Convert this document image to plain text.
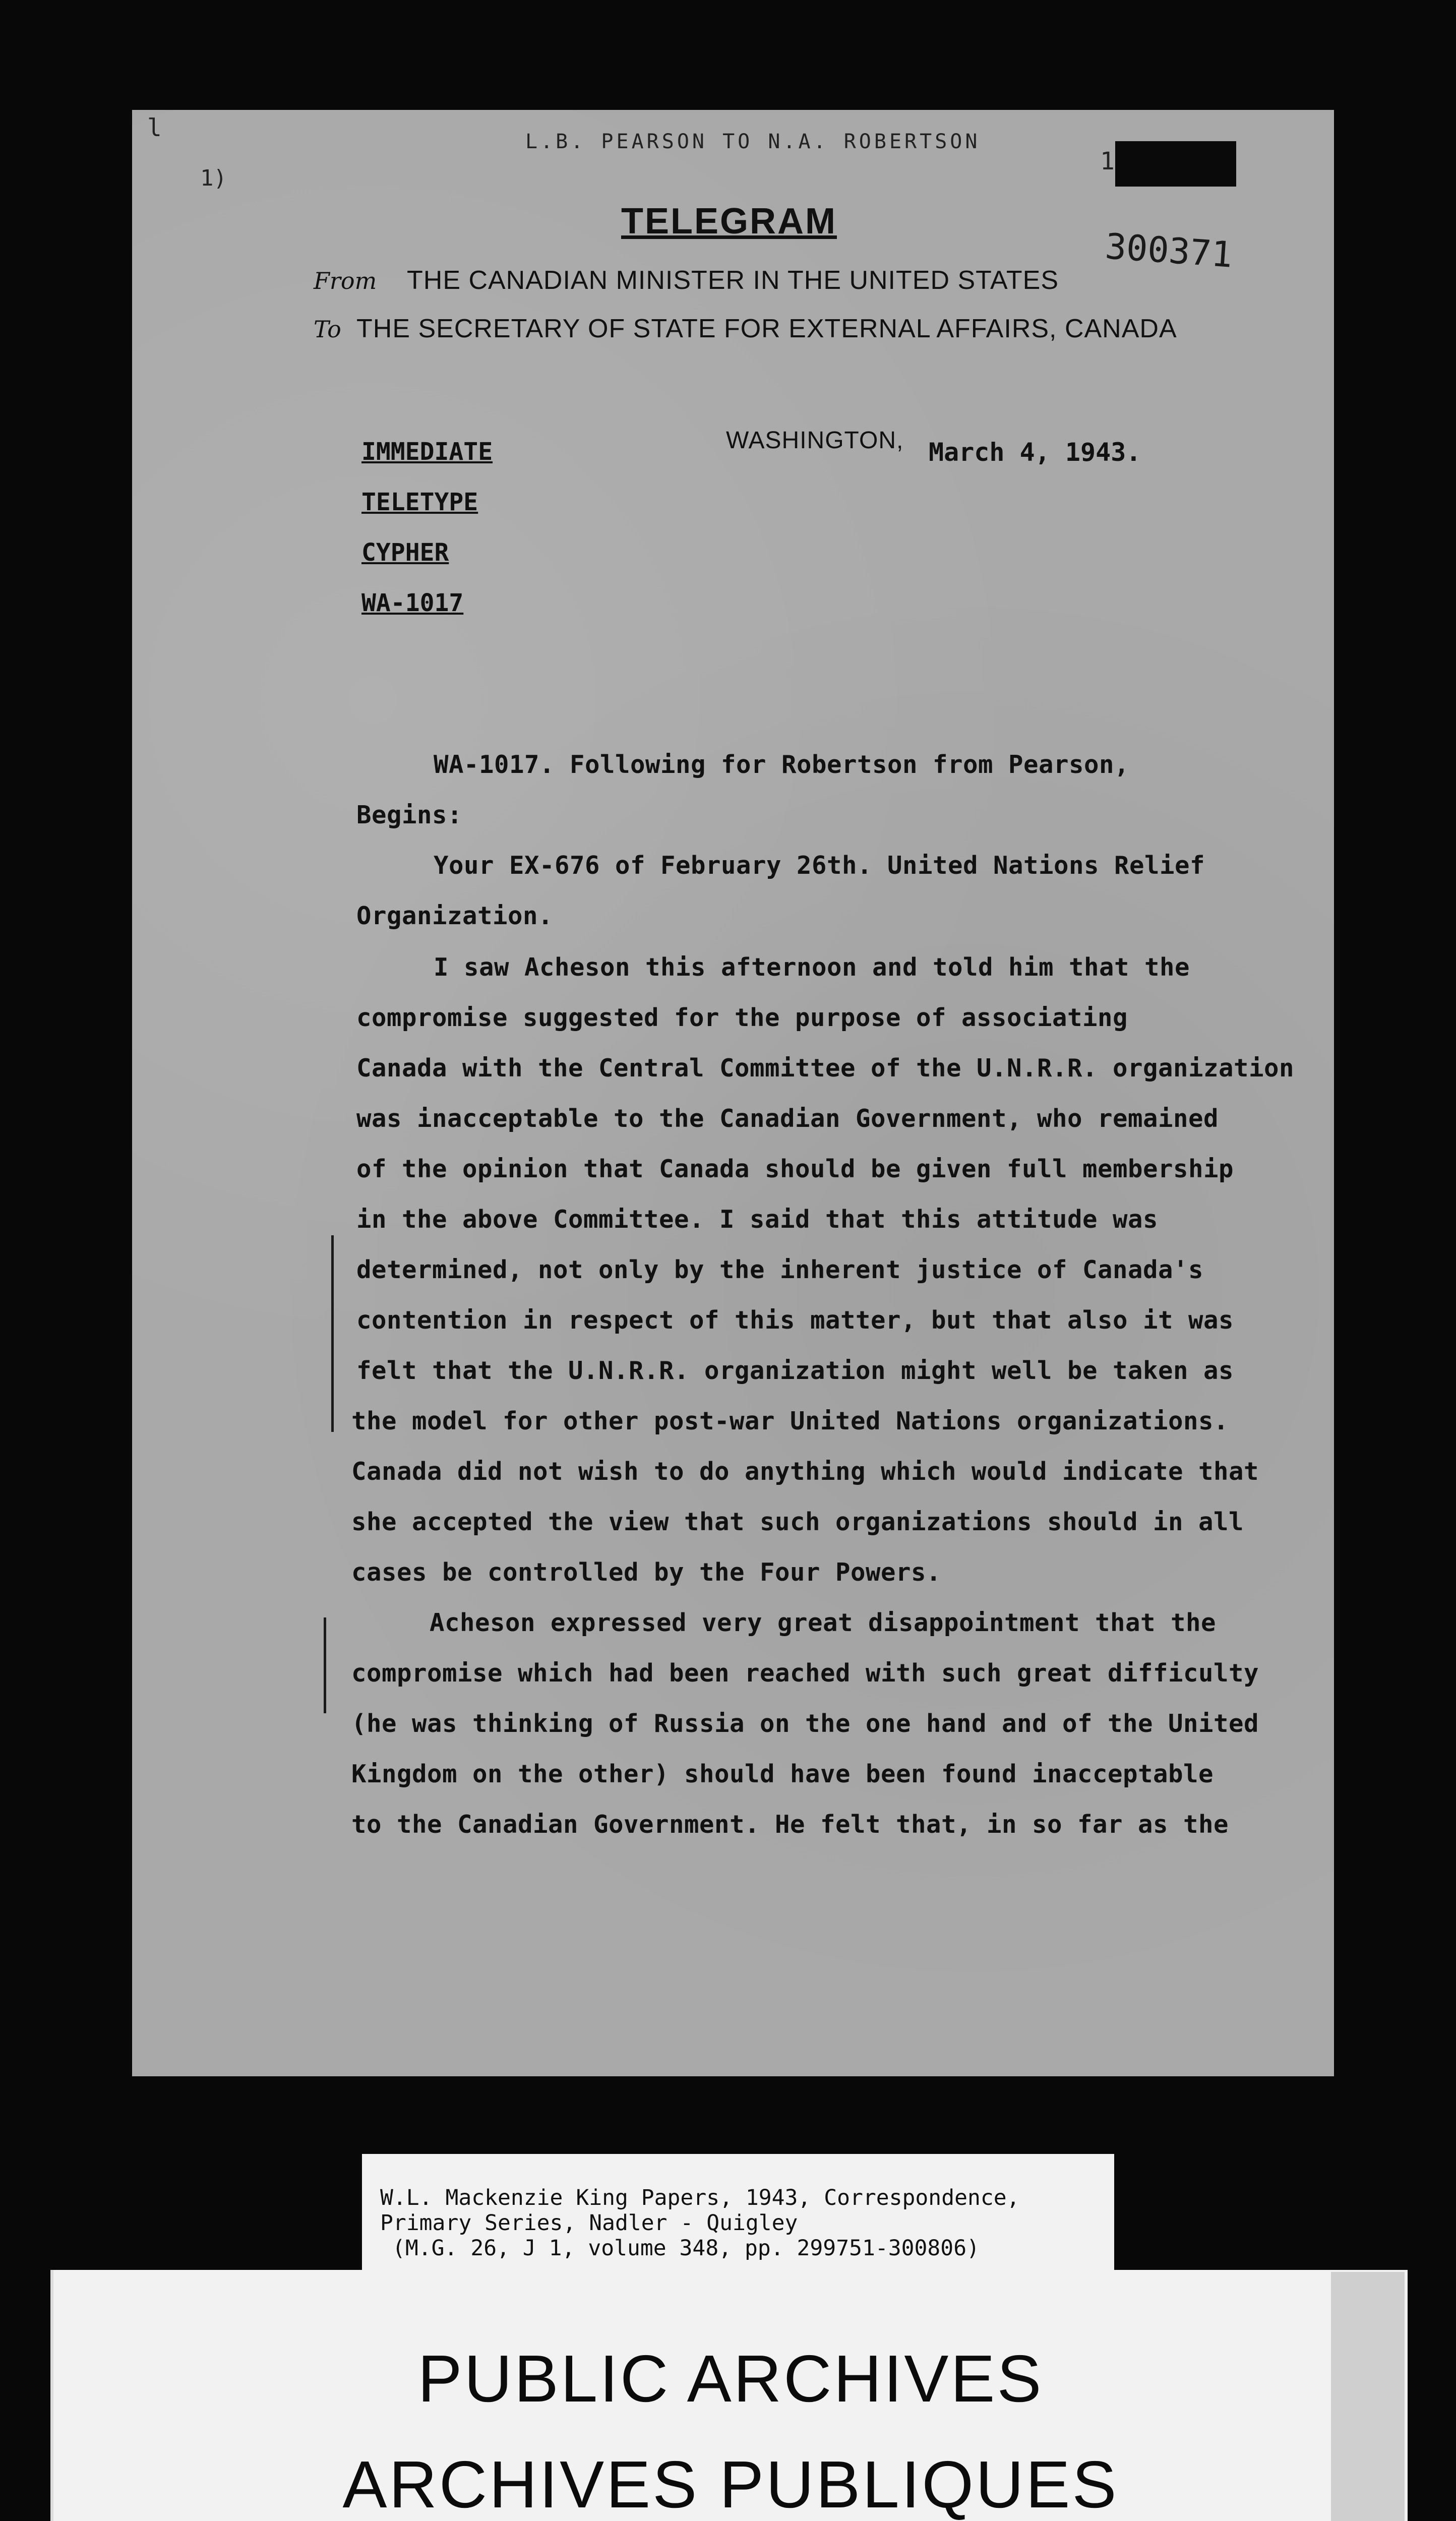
L.B. PEARSON TO N.A. ROBERTSON
l
1)
1
300371
TELEGRAM
From THE CANADIAN MINISTER IN THE UNITED STATES
To THE SECRETARY OF STATE FOR EXTERNAL AFFAIRS, CANADA
WASHINGTON, March 4, 1943.
IMMEDIATE
TELETYPE
CYPHER
WA-1017
WA-1017. Following for Robertson from Pearson,
Begins:
Your EX-676 of February 26th. United Nations Relief
Organization.
I saw Acheson this afternoon and told him that the
compromise suggested for the purpose of associating
Canada with the Central Committee of the U.N.R.R. organization
was inacceptable to the Canadian Government, who remained
of the opinion that Canada should be given full membership
in the above Committee. I said that this attitude was
determined, not only by the inherent justice of Canada's
contention in respect of this matter, but that also it was
felt that the U.N.R.R. organization might well be taken as
the model for other post-war United Nations organizations.
Canada did not wish to do anything which would indicate that
she accepted the view that such organizations should in all
cases be controlled by the Four Powers.
Acheson expressed very great disappointment that the
compromise which had been reached with such great difficulty
(he was thinking of Russia on the one hand and of the United
Kingdom on the other) should have been found inacceptable
to the Canadian Government. He felt that, in so far as the
W.L. Mackenzie King Papers, 1943, Correspondence,
Primary Series, Nadler - Quigley
(M.G. 26, J 1, volume 348, pp. 299751-300806)
PUBLIC ARCHIVES
ARCHIVES PUBLIQUES
